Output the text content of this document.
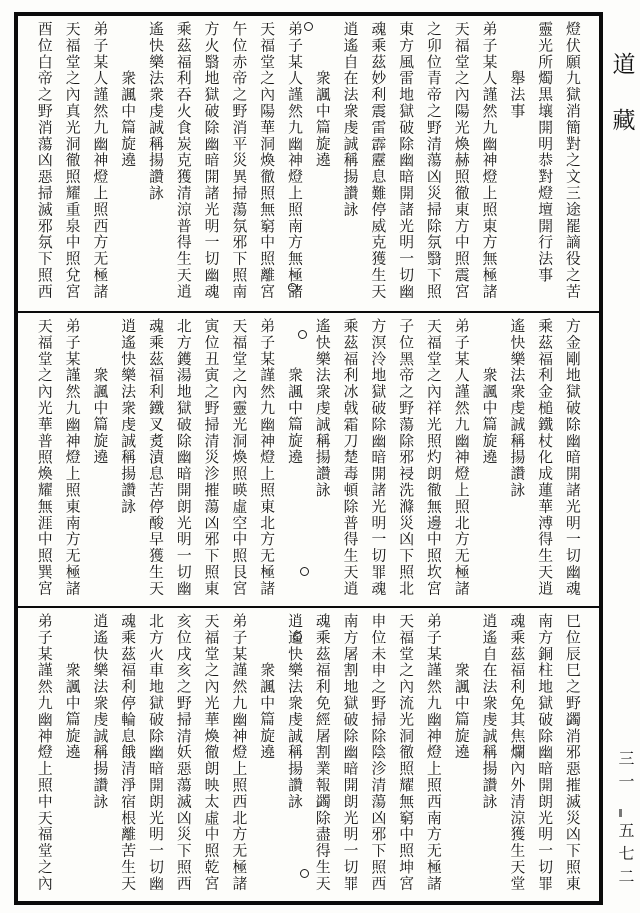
燈伏願九獄消簡對之文三途罷謫役之苦
靈光所燭黒壤開明恭對燈壇開行法事
舉法事
弟子某人謹然九幽神燈上照東方無極諸
天福堂之內陽光煥赫照徹東方中照震宮
之卯位青帝之野清蕩凶災掃除氛翳下照
東方風雷地獄破除幽暗開諸光明一切幽
魂乘茲妙利震雷霹靂息難停威克獲生天
逍遙自在法衆虔誠稱揚讚詠
衆諷中篇旋遶
弟子某人謹然九幽神燈上照南方無極諸
天福堂之內陽華洞煥徹照無窮中照離宮
午位赤帝之野消平災異掃蕩氛邪下照南
方火翳地獄破除幽暗開諸光明一切幽魂
乘茲福利吞火食炭克獲清涼普得生天逍
遙快樂法衆虔誠稱揚讚詠
衆諷中篇旋遶
弟子某人謹然九幽神燈上照西方无極諸
天福堂之內真光洞徹照耀重泉中照兌宮
酉位白帝之野消蕩凶惡掃滅邪氛下照西
方金剛地獄破除幽暗開諸光明一切幽魂
乘茲福利金槌鐵杖化成蓮華溥得生天逍
遙快樂法衆虔誠稱揚讚詠
衆諷中篇旋遶
弟子某人謹然九幽神燈上照北方无極諸
天福堂之內祥光照灼朗徹無邊中照坎宮
子位黑帝之野蕩除邪祲洗滌災凶下照北
方溟泠地獄破除幽暗開諸光明一切罪魂
乘茲福利冰戟霜刀楚毒頓除普得生天逍
遙快樂法衆虔誠稱揚讚詠
衆諷中篇旋遶
弟子某謹然九幽神燈上照東北方无極諸
天福堂之內靈光洞煥照暎虛空中照艮宮
寅位丑寅之野掃清災沴摧蕩凶邪下照東
北方鑊湯地獄破除幽暗開朗光明一切幽
魂乘茲福利鐵叉煑漬息苦停酸早獲生天
逍遙快樂法衆虔誠稱揚讚詠
衆諷中篇旋遶
弟子某謹然九幽神燈上照東南方无極諸
天福堂之內光華普照煥耀無涯中照巽宮
巳位辰巳之野蠲消邪惡摧滅災凶下照東
南方銅柱地獄破除幽暗開朗光明一切罪
魂乘茲福利免其焦爛內外清涼獲生天堂
逍遙自在法衆虔誠稱揚讚詠
衆諷中篇旋遶
弟子某謹然九幽神燈上照西南方无極諸
天福堂之內流光洞徹照耀無窮中照坤宮
申位未申之野掃除陰沴清蕩凶邪下照西
南方屠割地獄破除幽暗開朗光明一切罪
魂乘茲福利免經屠割業報蠲除盡得生天
逍遙快樂法衆虔誠稱揚讚詠
衆諷中篇旋遶
弟子某謹然九幽神燈上照西北方无極諸
天福堂之內光華煥徹朗映太虛中照乾宮
亥位戌亥之野掃清妖惡蕩滅凶災下照西
北方火車地獄破除幽暗開朗光明一切幽
魂乘茲福利停輪息餓清淨宿根離苦生天
逍遙快樂法衆虔誠稱揚讚詠
衆諷中篇旋遶
弟子某謹然九幽神燈上照中天福堂之內
道
藏
三一
五七二
